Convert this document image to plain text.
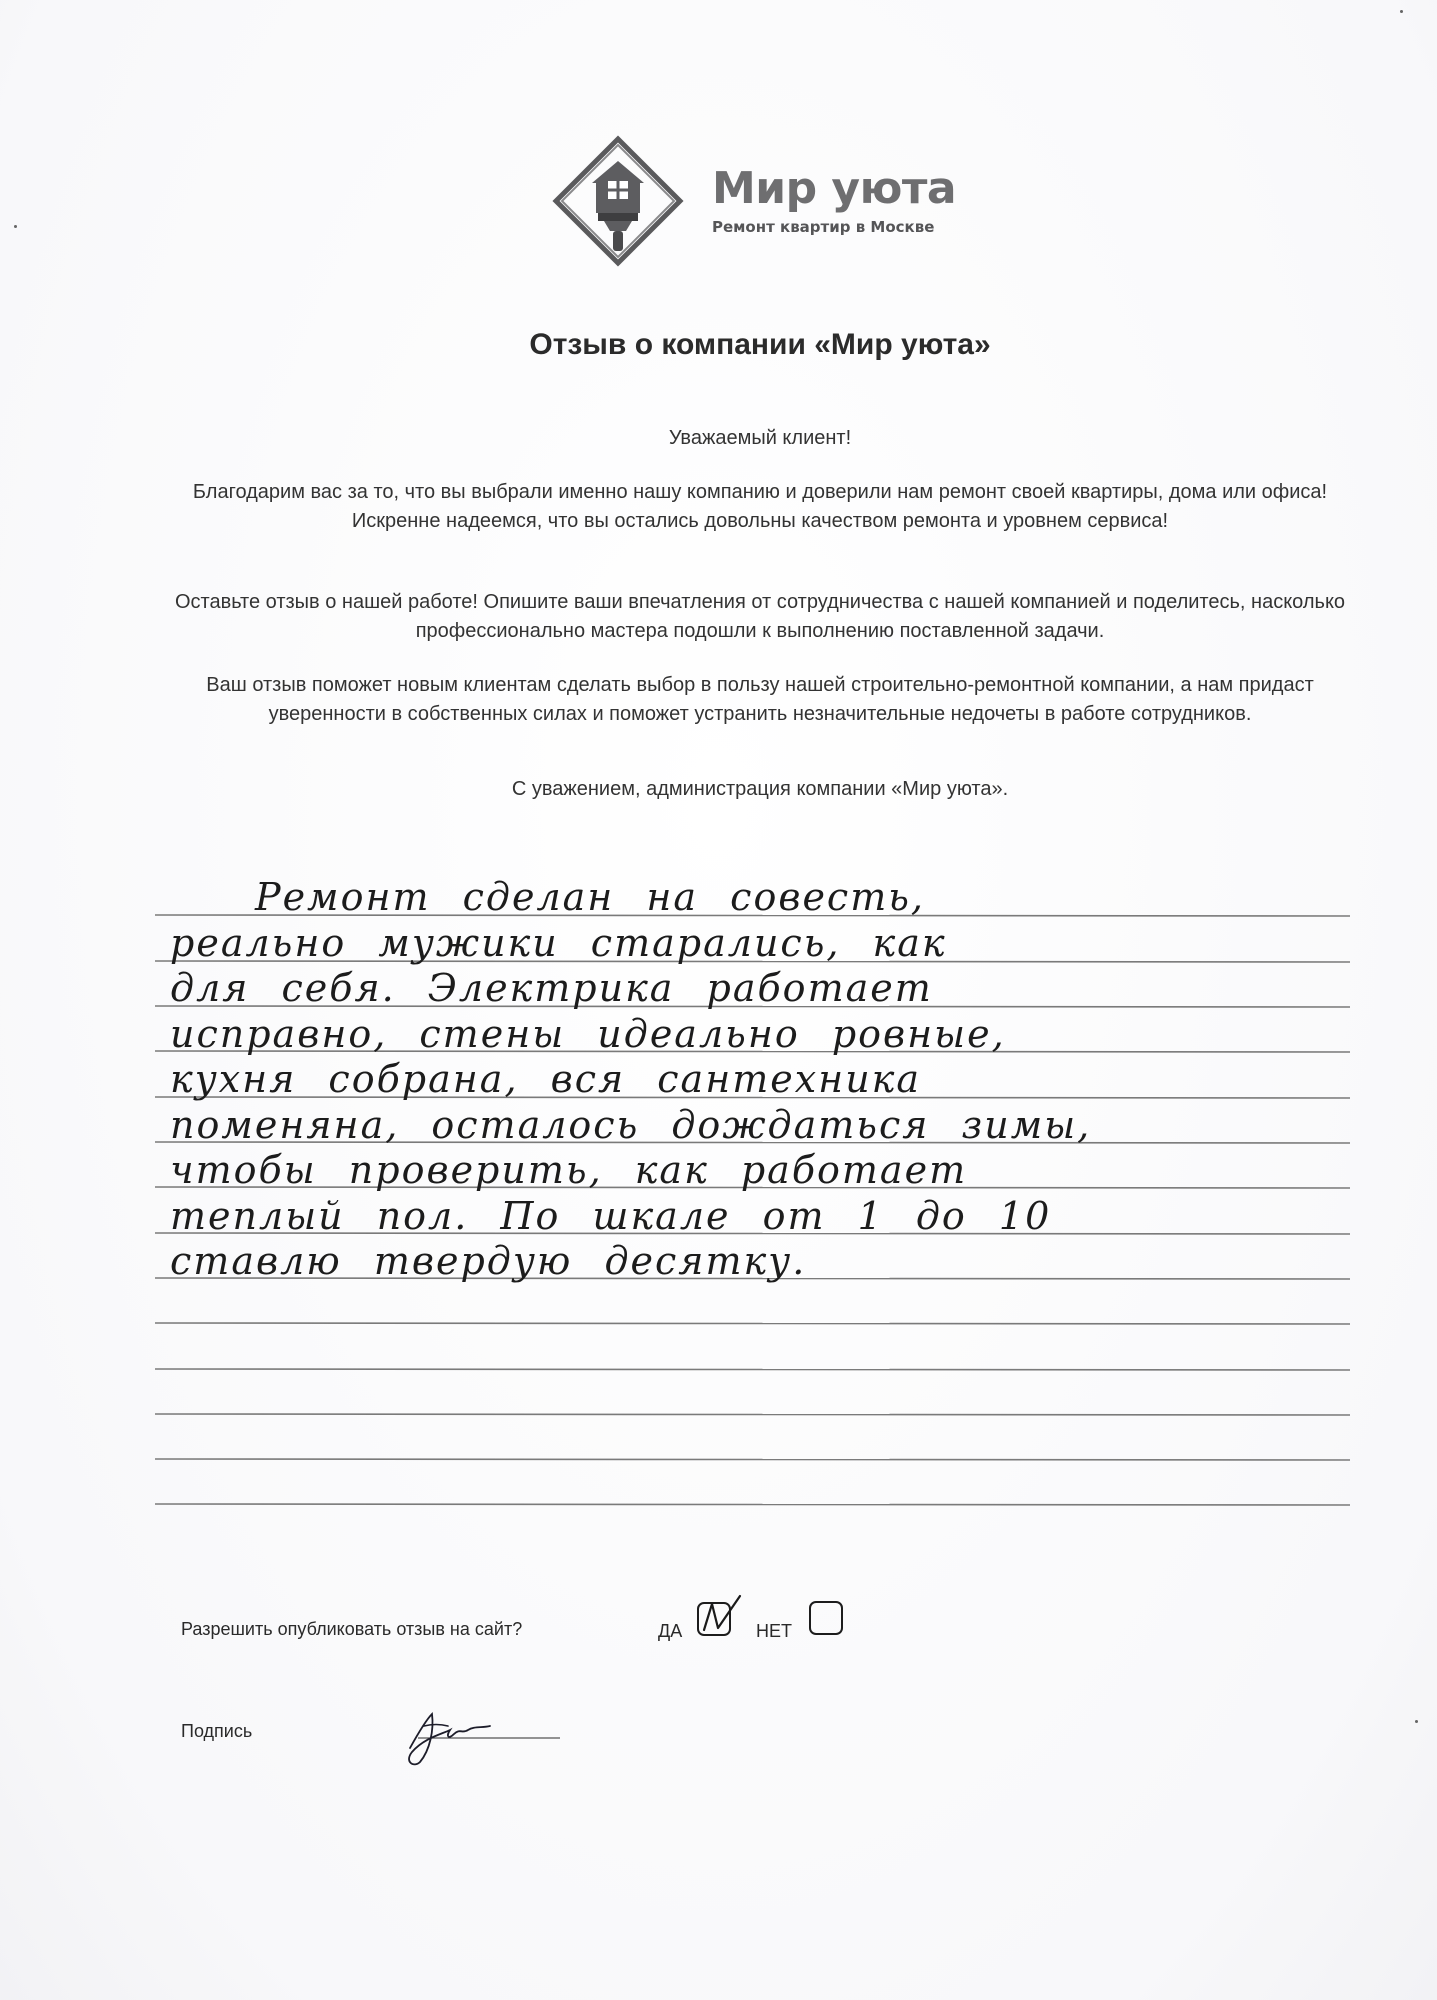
Мир уюта
Ремонт квартир в Москве
Отзыв о компании «Мир уюта»
Уважаемый клиент!
Благодарим вас за то, что вы выбрали именно нашу компанию и доверили нам ремонт своей квартиры, дома или офиса! Искренне надеемся, что вы остались довольны качеством ремонта и уровнем сервиса!
Оставьте отзыв о нашей работе! Опишите ваши впечатления от сотрудничества с нашей компанией и поделитесь, насколько профессионально мастера подошли к выполнению поставленной задачи.
Ваш отзыв поможет новым клиентам сделать выбор в пользу нашей строительно-ремонтной компании, а нам придаст уверенности в собственных силах и поможет устранить незначительные недочеты в работе сотрудников.
С уважением, администрация компании «Мир уюта».
Ремонт сделан на совесть,
реально мужики старались, как
для себя. Электрика работает
исправно, стены идеально ровные,
кухня собрана, вся сантехника
поменяна, осталось дождаться зимы,
чтобы проверить, как работает
теплый пол. По шкале от 1 до 10
ставлю твердую десятку.
Разрешить опубликовать отзыв на сайт?	ДА	НЕТ
Подпись
